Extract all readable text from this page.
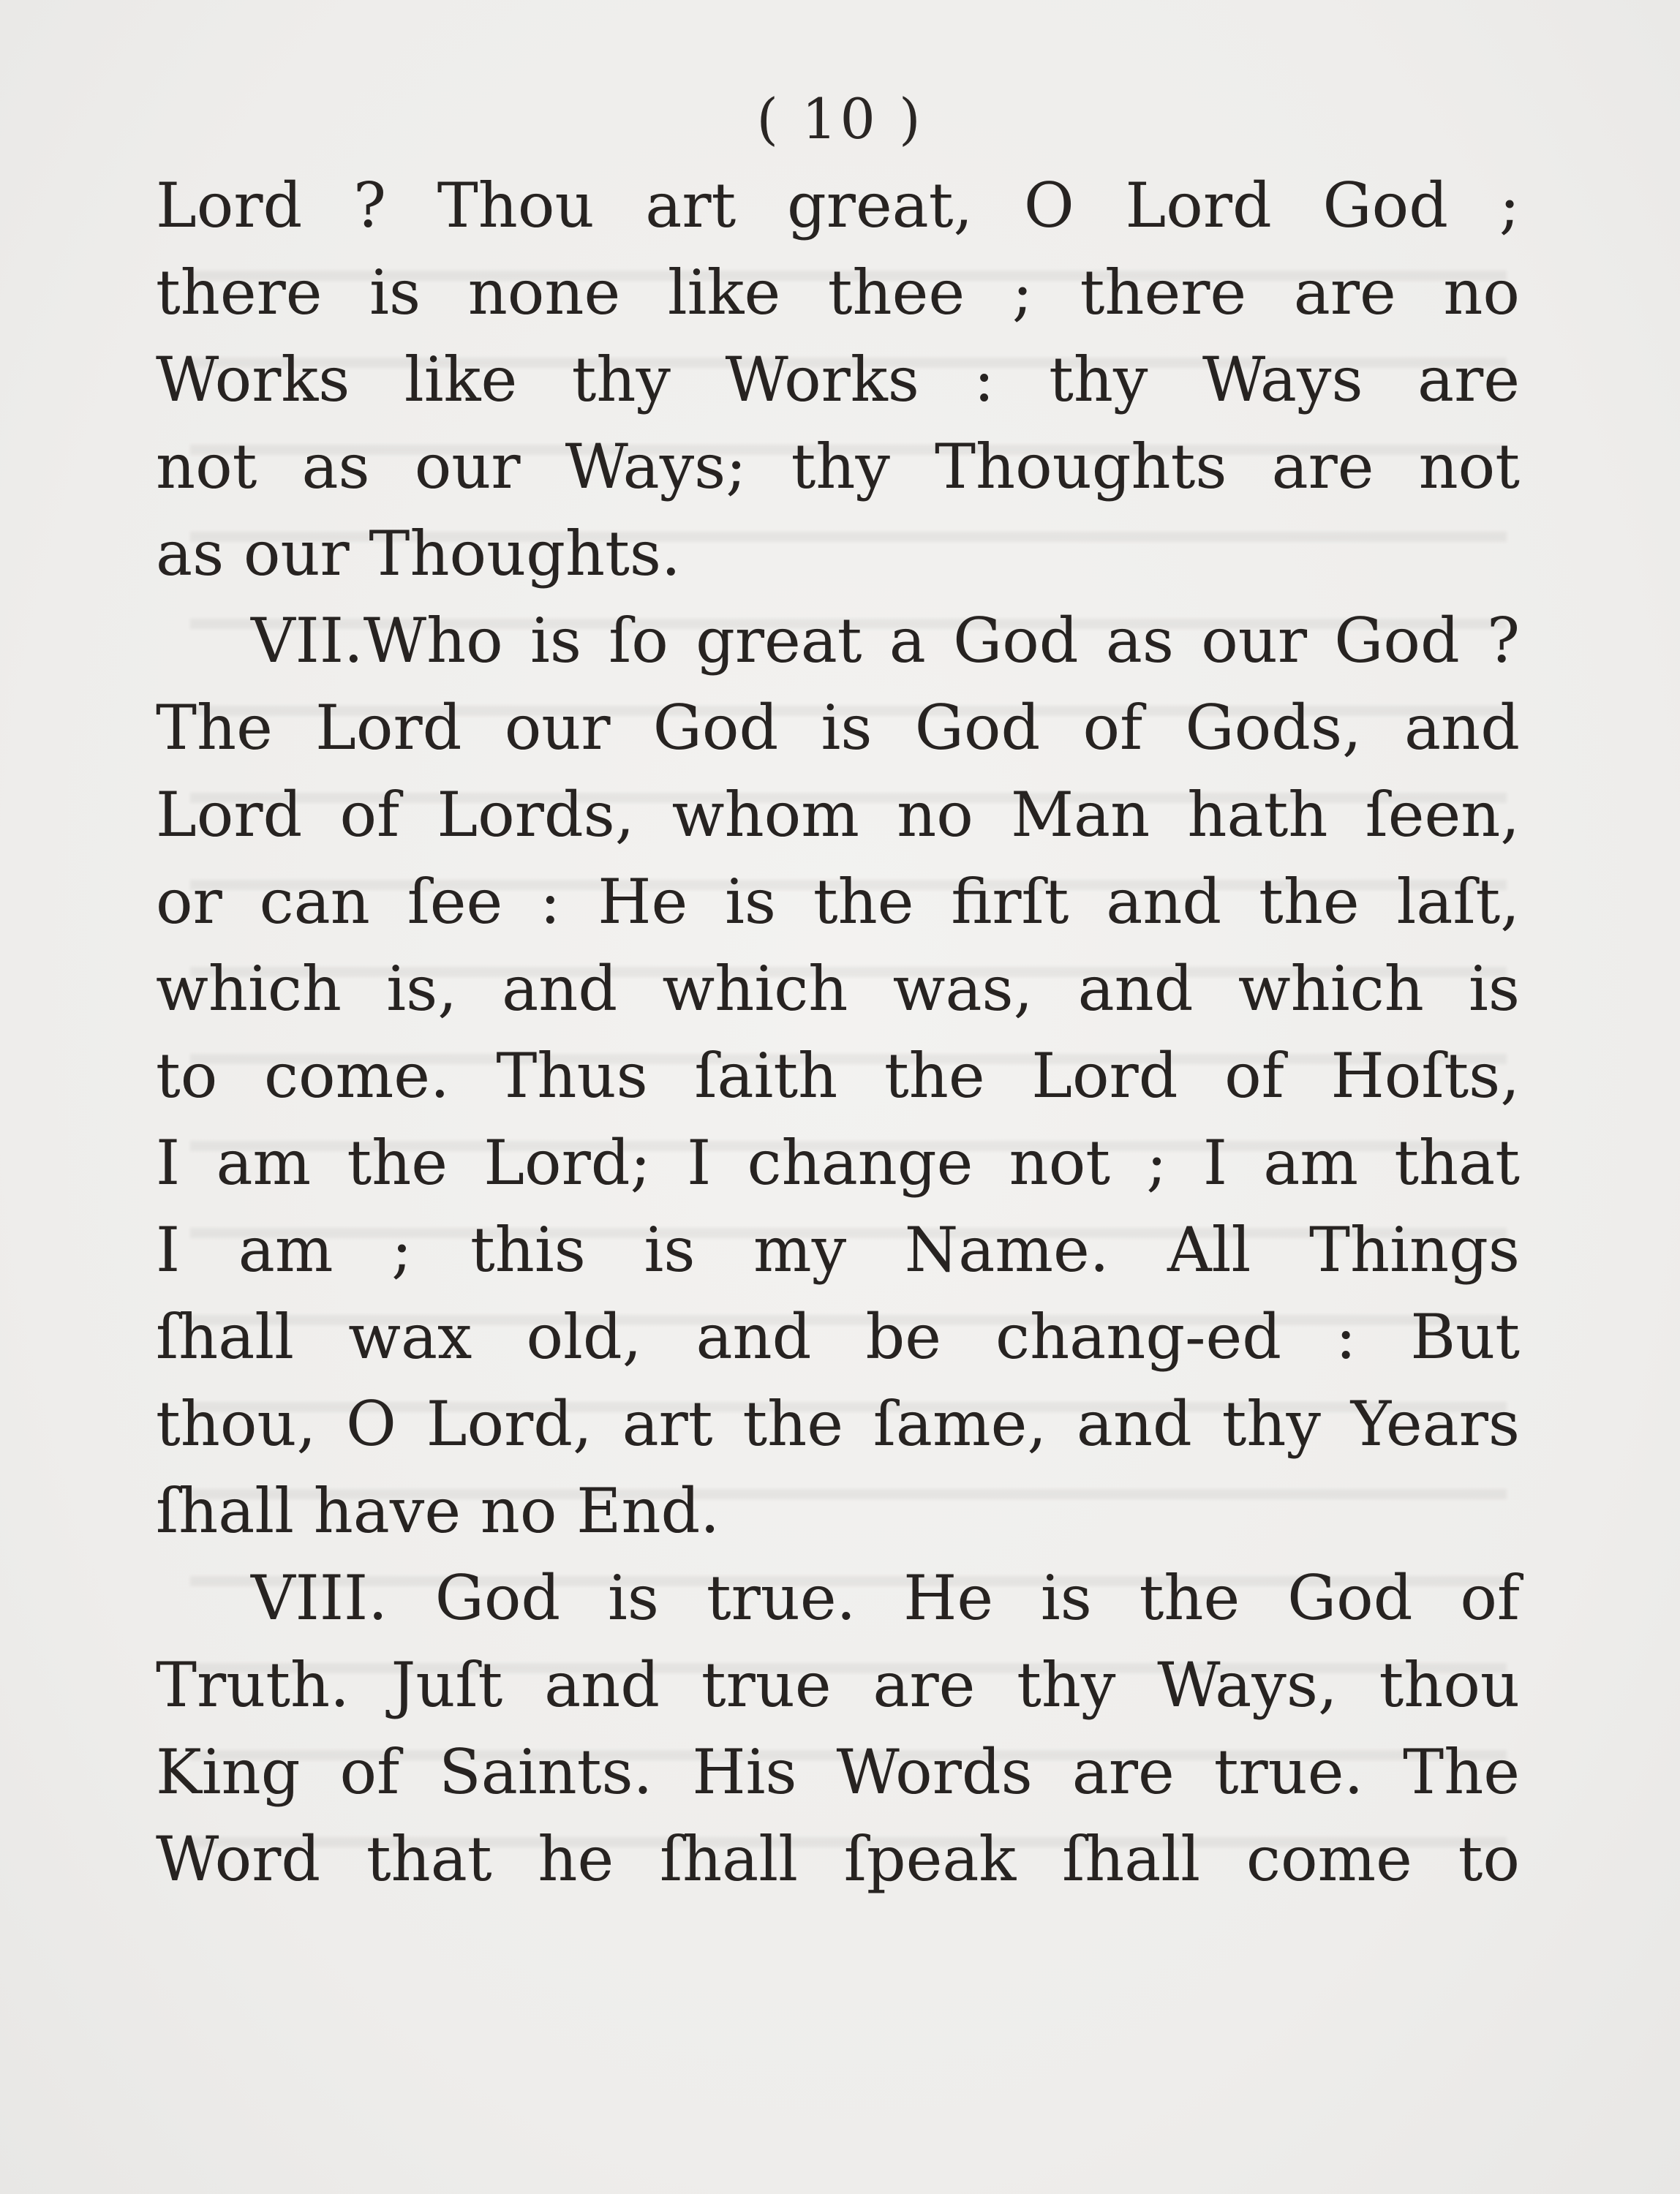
( 10 )
Lord ? Thou art great, O Lord God ;
there is none like thee ; there are no
Works like thy Works : thy Ways are
not as our Ways; thy Thoughts are not
as our Thoughts.
VII.Who is ſo great a God as our God ?
The Lord our God is God of Gods, and
Lord of Lords, whom no Man hath ſeen,
or can ſee : He is the firſt and the laſt,
which is, and which was, and which is
to come. Thus ſaith the Lord of Hoſts,
I am the Lord; I change not ; I am that
I am ; this is my Name. All Things
ſhall wax old, and be chang-ed : But
thou, O Lord, art the ſame, and thy Years
ſhall have no End.
VIII. God is true. He is the God of
Truth. Juſt and true are thy Ways, thou
King of Saints. His Words are true. The
Word that he ſhall ſpeak ſhall come to
